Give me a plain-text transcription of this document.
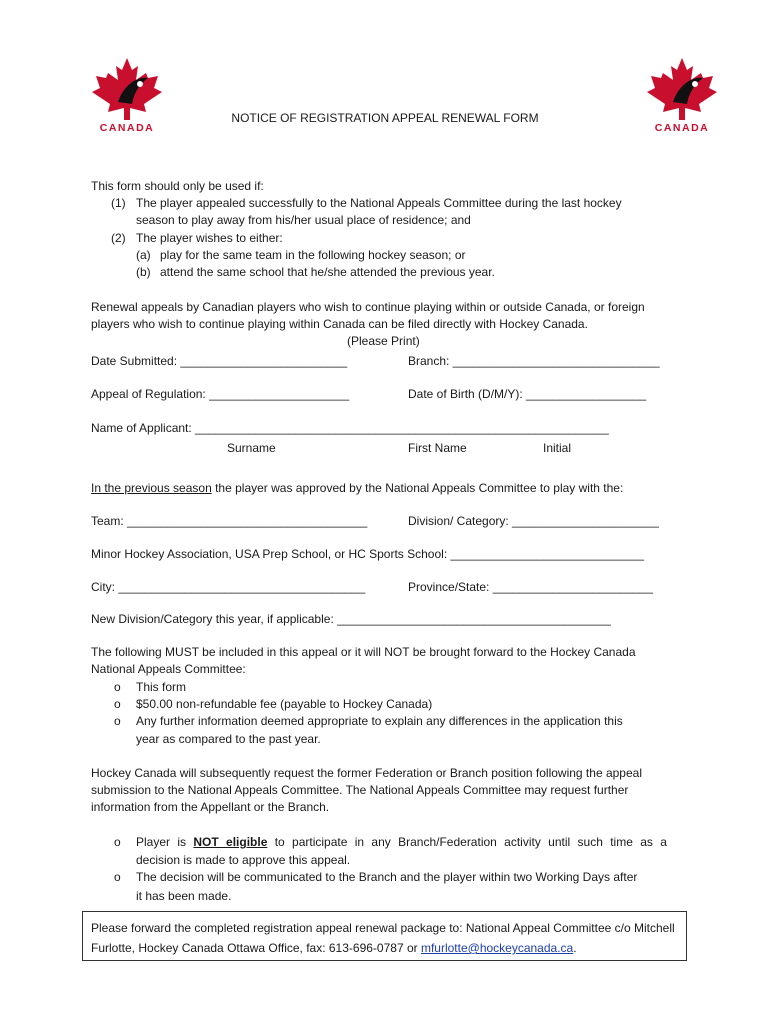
CANADA	CANADA
NOTICE OF REGISTRATION APPEAL RENEWAL FORM
This form should only be used if:
(1) The player appealed successfully to the National Appeals Committee during the last hockey
season to play away from his/her usual place of residence; and
(2) The player wishes to either:
(a) play for the same team in the following hockey season; or
(b) attend the same school that he/she attended the previous year.
Renewal appeals by Canadian players who wish to continue playing within or outside Canada, or foreign
players who wish to continue playing within Canada can be filed directly with Hockey Canada.
(Please Print)
Date Submitted: _________________________	Branch: _______________________________
Appeal of Regulation: _____________________	Date of Birth (D/M/Y): __________________
Name of Applicant: ______________________________________________________________
Surname	First Name	Initial
In the previous season the player was approved by the National Appeals Committee to play with the:
Team: ____________________________________	Division/ Category: ______________________
Minor Hockey Association, USA Prep School, or HC Sports School: _____________________________
City: _____________________________________	Province/State: ________________________
New Division/Category this year, if applicable: _________________________________________
The following MUST be included in this appeal or it will NOT be brought forward to the Hockey Canada
National Appeals Committee:
o This form
o $50.00 non-refundable fee (payable to Hockey Canada)
o Any further information deemed appropriate to explain any differences in the application this
year as compared to the past year.
Hockey Canada will subsequently request the former Federation or Branch position following the appeal
submission to the National Appeals Committee. The National Appeals Committee may request further
information from the Appellant or the Branch.
o Player is NOT eligible to participate in any Branch/Federation activity until such time as a
decision is made to approve this appeal.
o The decision will be communicated to the Branch and the player within two Working Days after
it has been made.
Please forward the completed registration appeal renewal package to: National Appeal Committee c/o Mitchell
Furlotte, Hockey Canada Ottawa Office, fax: 613-696-0787 or mfurlotte@hockeycanada.ca.
